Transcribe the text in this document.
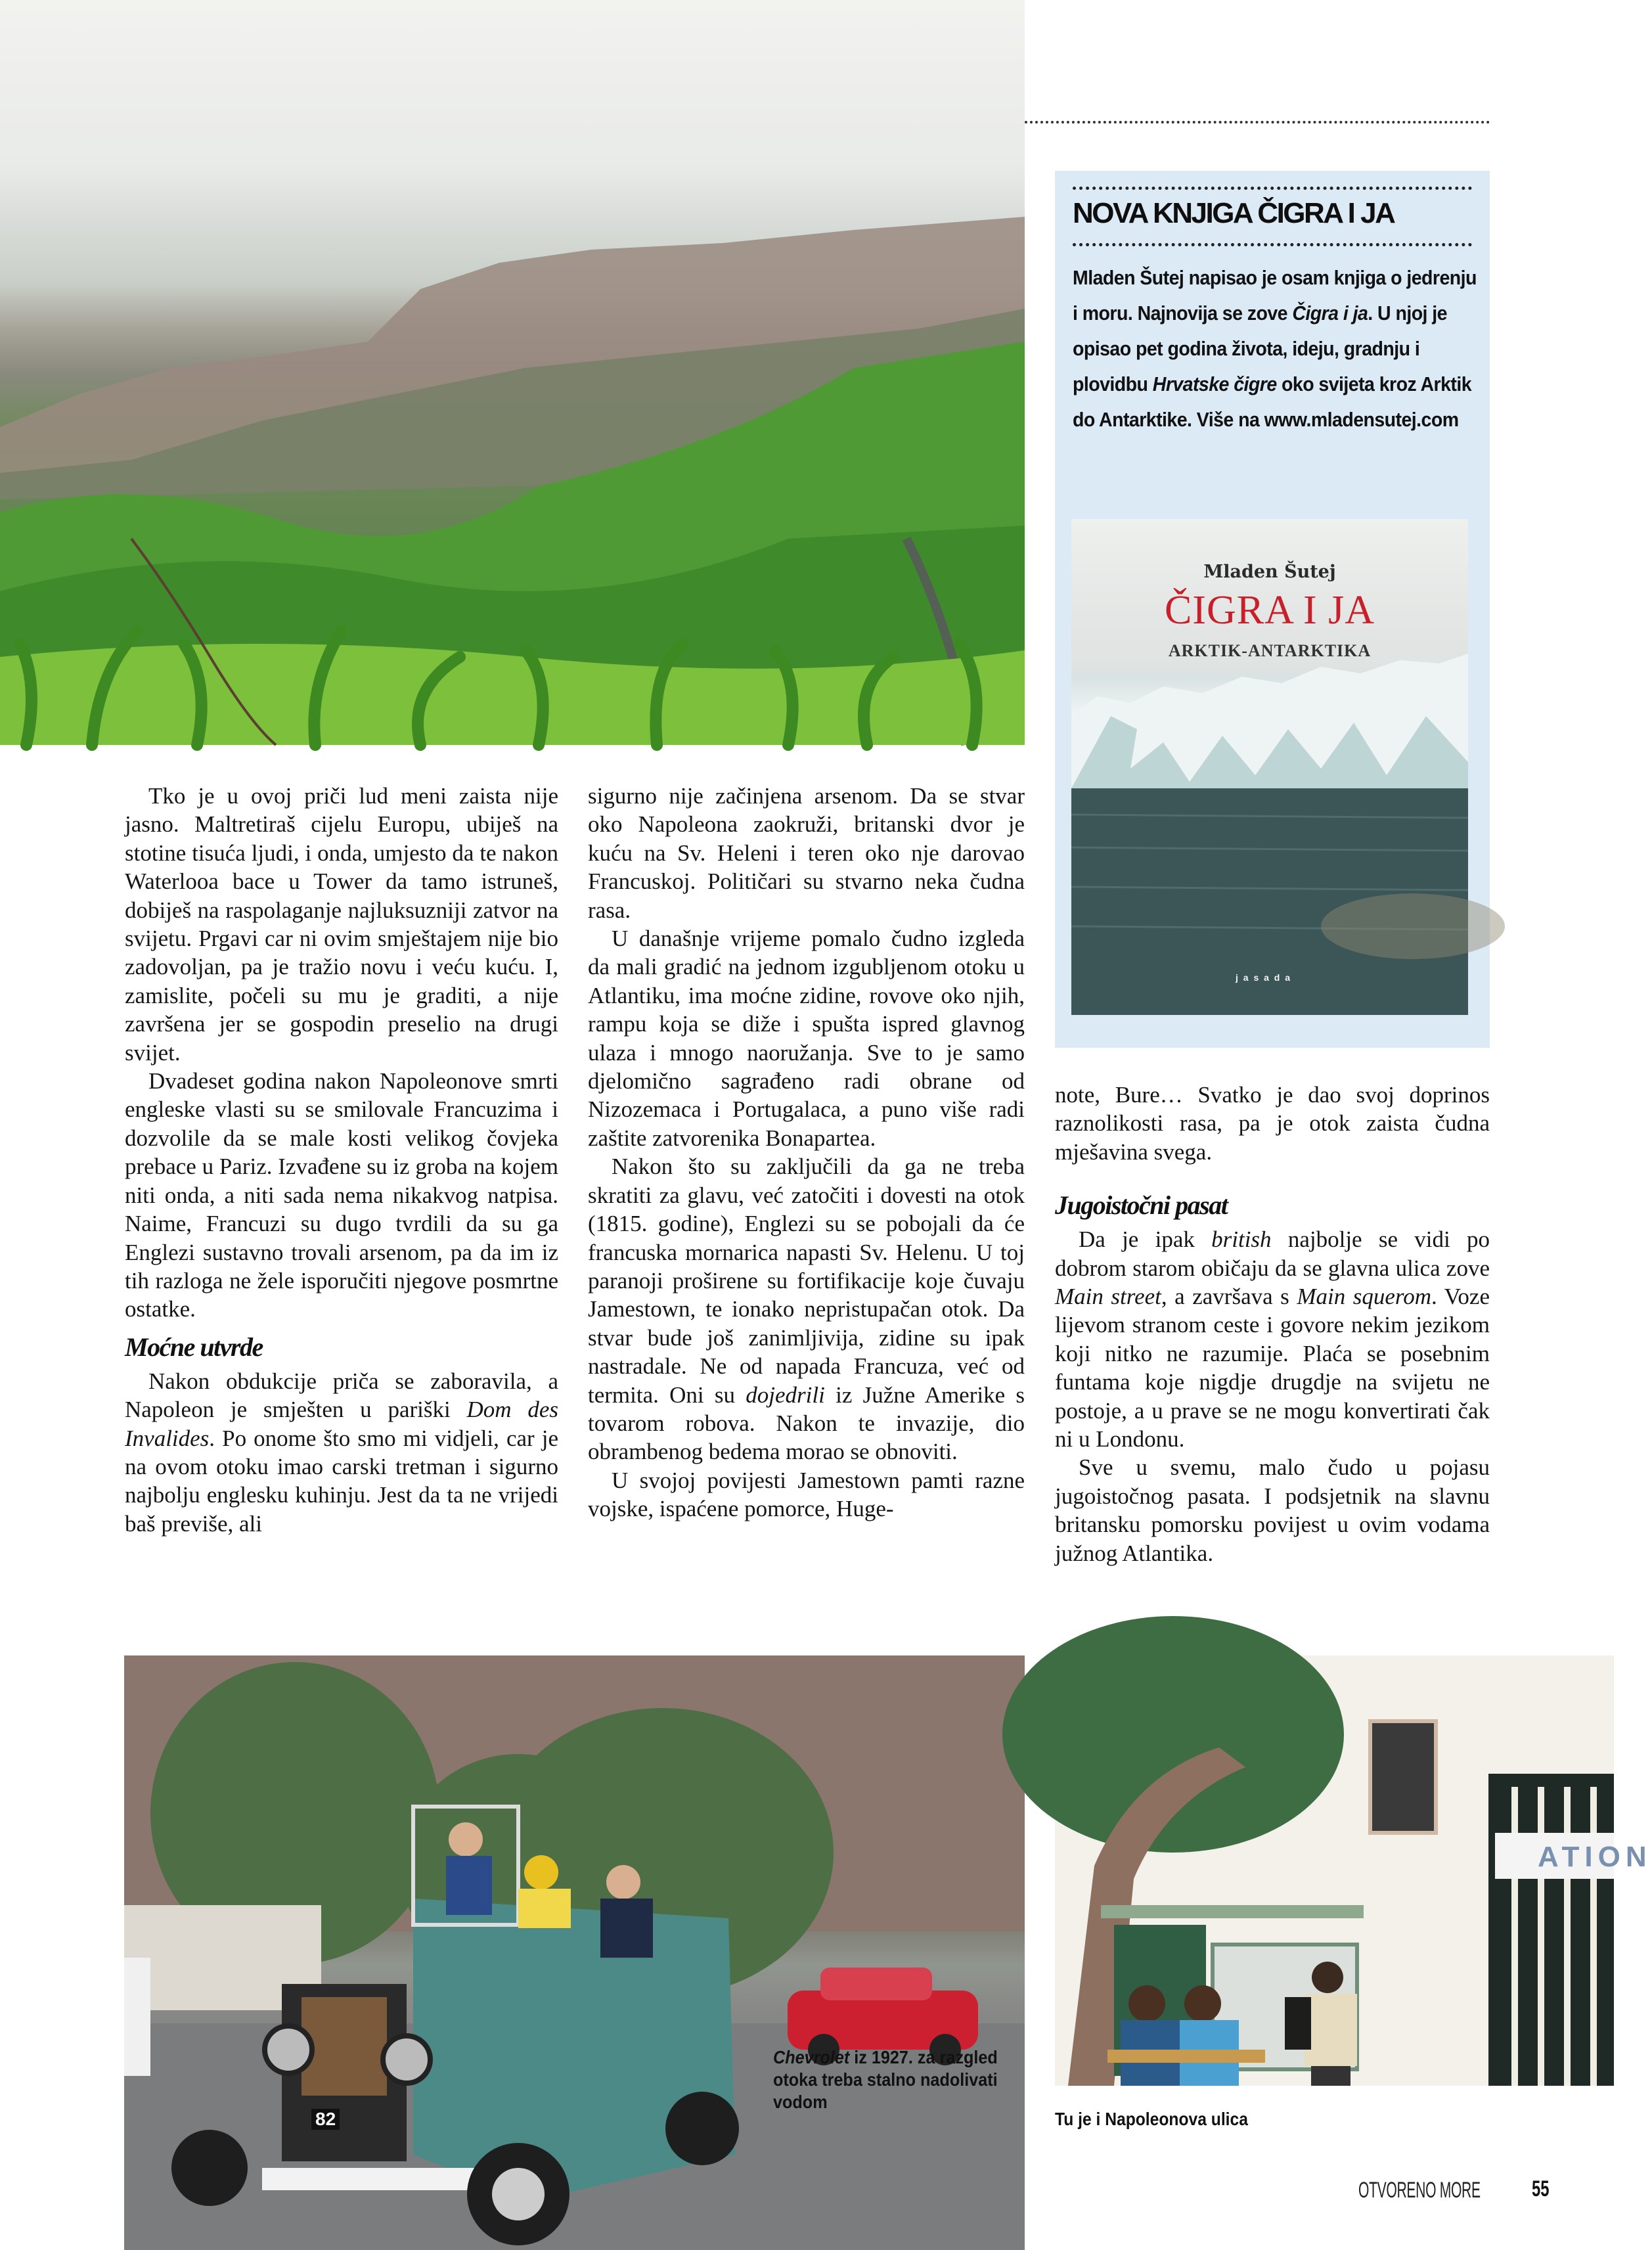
NOVA KNJIGA ČIGRA I JA
Mladen Šutej napisao je osam knjiga o jedrenju i moru. Najnovija se zove Čigra i ja. U njoj je opisao pet godina života, ideju, gradnju i plovidbu Hrvatske čigre oko svijeta kroz Arktik do Antarktike. Više na www.mladensutej.com
Mladen Šutej
ČIGRA I JA
ARKTIK-ANTARKTIKA
j a s a d a

Tko je u ovoj priči lud meni zaista nije jasno. Maltretiraš cijelu Europu, ubiješ na stotine tisuća ljudi, i onda, umjesto da te nakon Waterlooa bace u Tower da tamo istruneš, dobiješ na raspolaganje najluksuzniji zatvor na svijetu. Prgavi car ni ovim smještajem nije bio zadovoljan, pa je tražio novu i veću kuću. I, zamislite, počeli su mu je graditi, a nije završena jer se gospodin preselio na drugi svijet.

Dvadeset godina nakon Napoleonove smrti engleske vlasti su se smilovale Francuzima i dozvolile da se male kosti velikog čovjeka prebace u Pariz. Izvađene su iz groba na kojem niti onda, a niti sada nema nikakvog natpisa. Naime, Francuzi su dugo tvrdili da su ga Englezi sustavno trovali arsenom, pa da im iz tih razloga ne žele isporučiti njegove posmrtne ostatke.

Moćne utvrde

Nakon obdukcije priča se zaboravila, a Napoleon je smješten u pariški Dom des Invalides. Po onome što smo mi vidjeli, car je na ovom otoku imao carski tretman i sigurno najbolju englesku kuhinju. Jest da ta ne vrijedi baš previše, ali

sigurno nije začinjena arsenom. Da se stvar oko Napoleona zaokruži, britanski dvor je kuću na Sv. Heleni i teren oko nje darovao Francuskoj. Političari su stvarno neka čudna rasa.

U današnje vrijeme pomalo čudno izgleda da mali gradić na jednom izgubljenom otoku u Atlantiku, ima moćne zidine, rovove oko njih, rampu koja se diže i spušta ispred glavnog ulaza i mnogo naoružanja. Sve to je samo djelomično sagrađeno radi obrane od Nizozemaca i Portugalaca, a puno više radi zaštite zatvorenika Bonapartea.

Nakon što su zaključili da ga ne treba skratiti za glavu, već zatočiti i dovesti na otok (1815. godine), Englezi su se pobojali da će francuska mornarica napasti Sv. Helenu. U toj paranoji proširene su fortifikacije koje čuvaju Jamestown, te ionako nepristupačan otok. Da stvar bude još zanimljivija, zidine su ipak nastradale. Ne od napada Francuza, već od termita. Oni su dojedrili iz Južne Amerike s tovarom robova. Nakon te invazije, dio obrambenog bedema morao se obnoviti.

U svojoj povijesti Jamestown pamti razne vojske, ispaćene pomorce, Huge-

note, Bure… Svatko je dao svoj doprinos raznolikosti rasa, pa je otok zaista čudna mješavina svega.

Jugoistočni pasat

Da je ipak british najbolje se vidi po dobrom starom običaju da se glavna ulica zove Main street, a završava s Main squerom. Voze lijevom stranom ceste i govore nekim jezikom koji nitko ne razumije. Plaća se posebnim funtama koje nigdje drugdje na svijetu ne postoje, a u prave se ne mogu konvertirati čak ni u Londonu.

Sve u svemu, malo čudo u pojasu jugoistočnog pasata. I podsjetnik na slavnu britansku pomorsku povijest u ovim vodama južnog Atlantika.

82
Chevrolet iz 1927. za razgled otoka treba stalno nadolivati vodom
ATION
Tu je i Napoleonova ulica
OTVORENO MORE 55
